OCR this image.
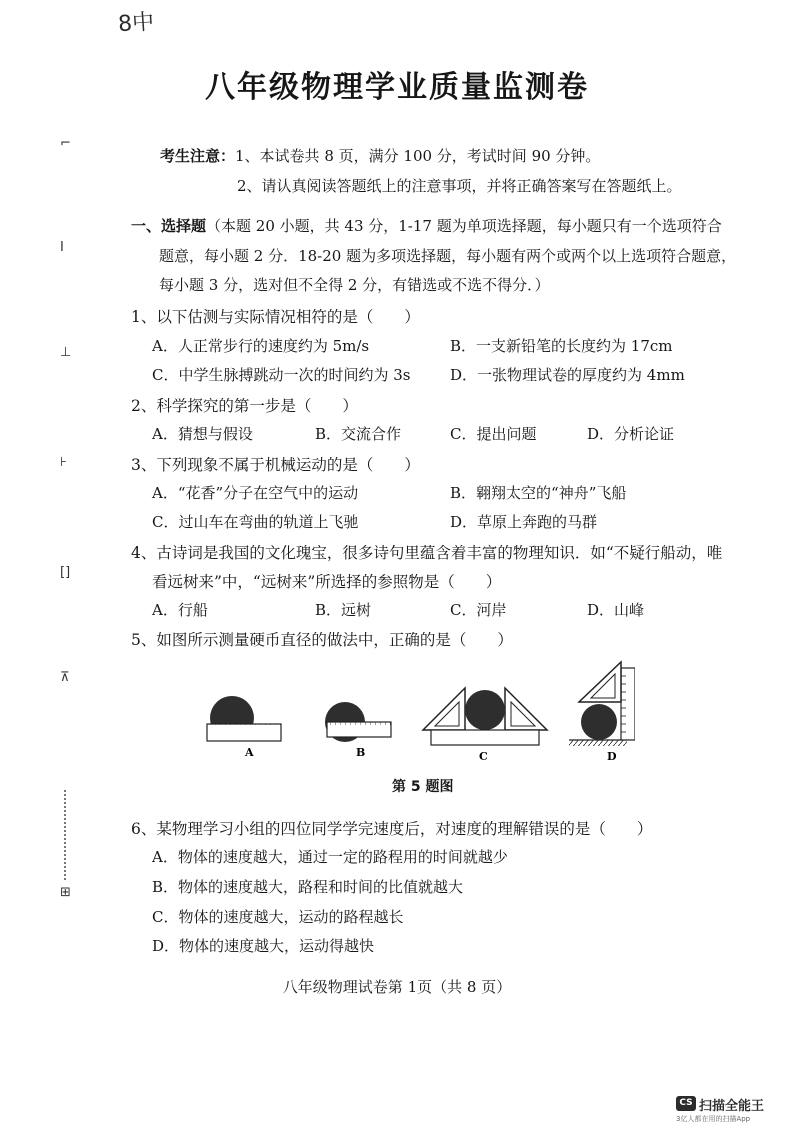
8中
八年级物理学业质量监测卷
⌐
I
⊥
⊦
[]
⊼
⊞
考生注意：1、本试卷共 8 页，满分 100 分，考试时间 90 分钟。
2、请认真阅读答题纸上的注意事项，并将正确答案写在答题纸上。
一、选择题（本题 20 小题，共 43 分，1-17 题为单项选择题，每小题只有一个选项符合
题意，每小题 2 分．18-20 题为多项选择题，每小题有两个或两个以上选项符合题意，
每小题 3 分，选对但不全得 2 分，有错选或不选不得分．）
1、以下估测与实际情况相符的是（　　）
A．人正常步行的速度约为 5m/s	B．一支新铅笔的长度约为 17cm
C．中学生脉搏跳动一次的时间约为 3s	D．一张物理试卷的厚度约为 4mm
2、科学探究的第一步是（　　）
A．猜想与假设	B．交流合作	C．提出问题	D．分析论证
3、下列现象不属于机械运动的是（　　）
A．“花香”分子在空气中的运动	B．翱翔太空的“神舟”飞船
C．过山车在弯曲的轨道上飞驰	D．草原上奔跑的马群
4、古诗词是我国的文化瑰宝，很多诗句里蕴含着丰富的物理知识．如“不疑行船动，唯
看远树来”中，“远树来”所选择的参照物是（　　）
A．行船	B．远树	C．河岸	D．山峰
5、如图所示测量硬币直径的做法中，正确的是（　　）
A	B	C	D
第 5 题图
6、某物理学习小组的四位同学学完速度后，对速度的理解错误的是（　　）
A．物体的速度越大，通过一定的路程用的时间就越少
B．物体的速度越大，路程和时间的比值就越大
C．物体的速度越大，运动的路程越长
D．物体的速度越大，运动得越快
八年级物理试卷第 1页（共 8 页）
CS 扫描全能王
3亿人都在用的扫描App
